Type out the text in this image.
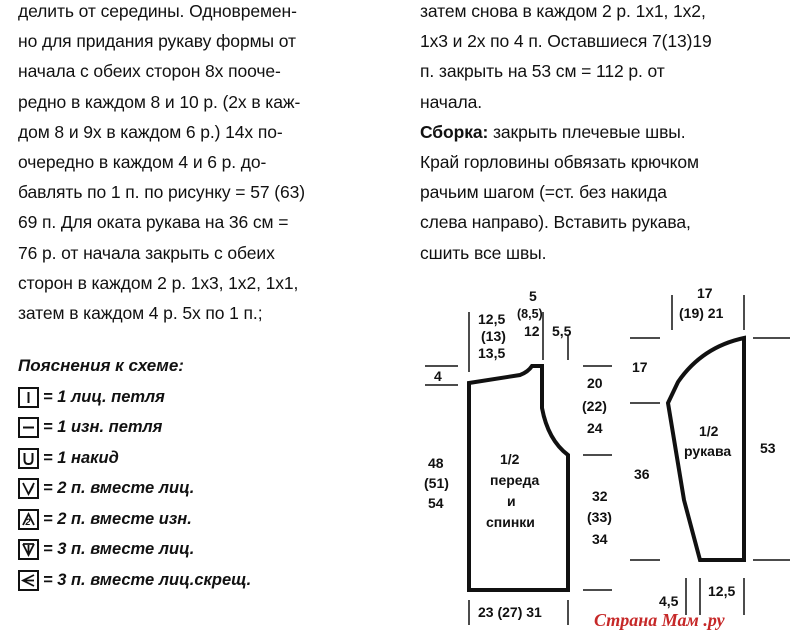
делить от середины. Одновремен-
но для придания рукаву формы от
начала с обеих сторон 8х пооче-
редно в каждом 8 и 10 р. (2х в каж-
дом 8 и 9х в каждом 6 р.) 14х по-
очередно в каждом 4 и 6 р. до-
бавлять по 1 п. по рисунку = 57 (63)
69 п. Для оката рукава на 36 см =
76 р. от начала закрыть с обеих
сторон в каждом 2 р. 1х3, 1х2, 1х1,
затем в каждом 4 р. 5х по 1 п.;
затем снова в каждом 2 р. 1х1, 1х2,
1х3 и 2х по 4 п. Оставшиеся 7(13)19
п. закрыть на 53 см = 112 р. от
начала.
Сборка: закрыть плечевые швы.
Край горловины обвязать крючком
рачьим шагом (=ст. без накида
слева направо). Вставить рукава,
сшить все швы.
Пояснения к схеме:
= 1 лиц. петля
= 1 изн. петля
= 1 накид
= 2 п. вместе лиц.
2 = 2 п. вместе изн.
= 3 п. вместе лиц.
= 3 п. вместе лиц.скрещ.
12,5
(13)
13,5
5
(8,5)
12 5,5
4
48
(51)
54
20
(22)
24
32
(33)
34
23 (27) 31
1/2
переда
и
спинки
17
(19) 21
17
36
53
4,5
12,5
1/2
рукава
Страна Мам .ру
